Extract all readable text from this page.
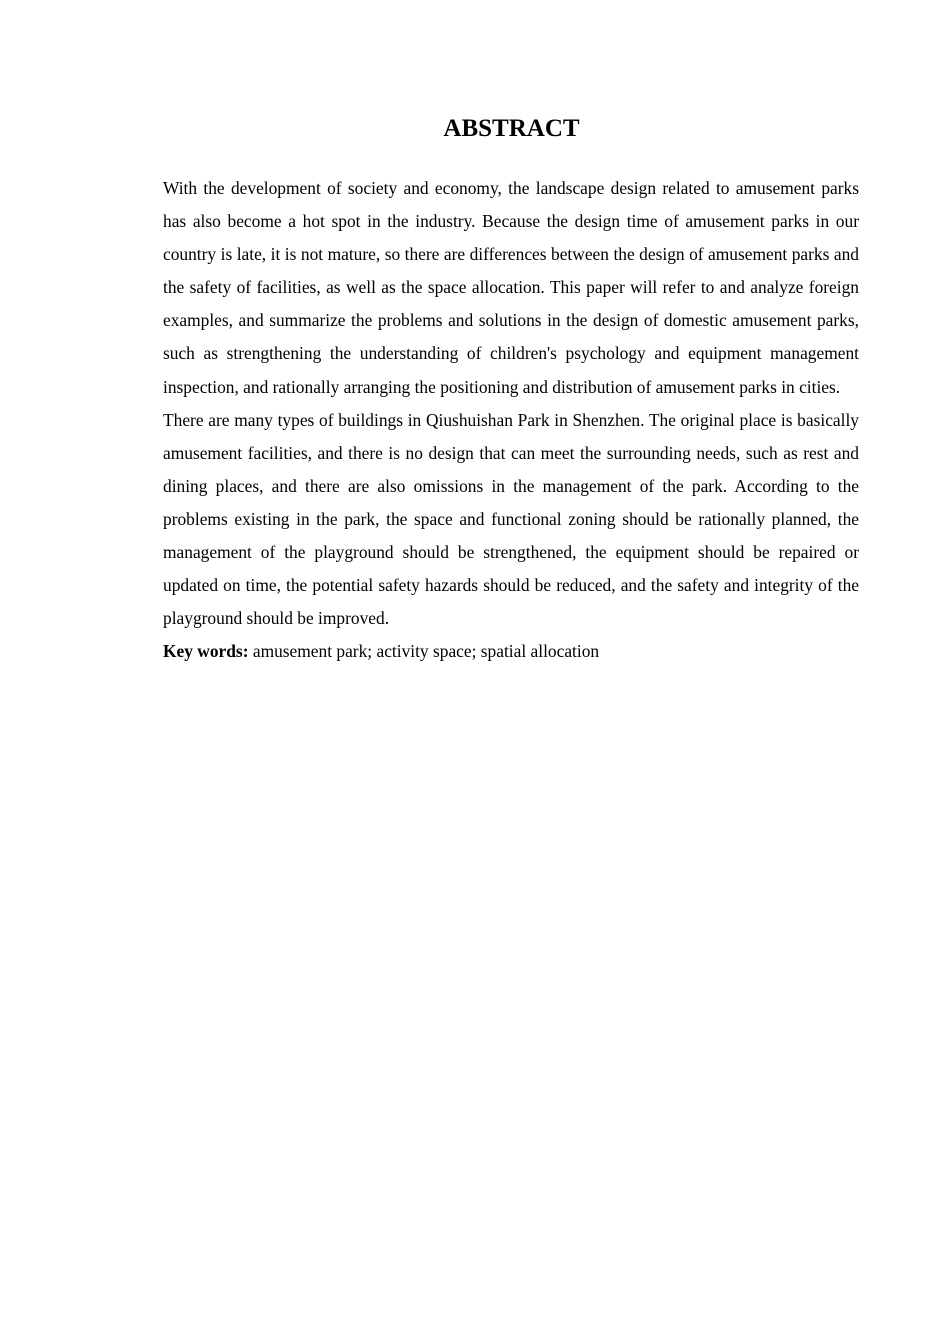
ABSTRACT

With the development of society and economy, the landscape design related to amusement parks has also become a hot spot in the industry. Because the design time of amusement parks in our country is late, it is not mature, so there are differences between the design of amusement parks and the safety of facilities, as well as the space allocation. This paper will refer to and analyze foreign examples, and summarize the problems and solutions in the design of domestic amusement parks, such as strengthening the understanding of children's psychology and equipment management inspection, and rationally arranging the positioning and distribution of amusement parks in cities.

There are many types of buildings in Qiushuishan Park in Shenzhen. The original place is basically amusement facilities, and there is no design that can meet the surrounding needs, such as rest and dining places, and there are also omissions in the management of the park. According to the problems existing in the park, the space and functional zoning should be rationally planned, the management of the playground should be strengthened, the equipment should be repaired or updated on time, the potential safety hazards should be reduced, and the safety and integrity of the playground should be improved.

Key words: amusement park; activity space; spatial allocation
